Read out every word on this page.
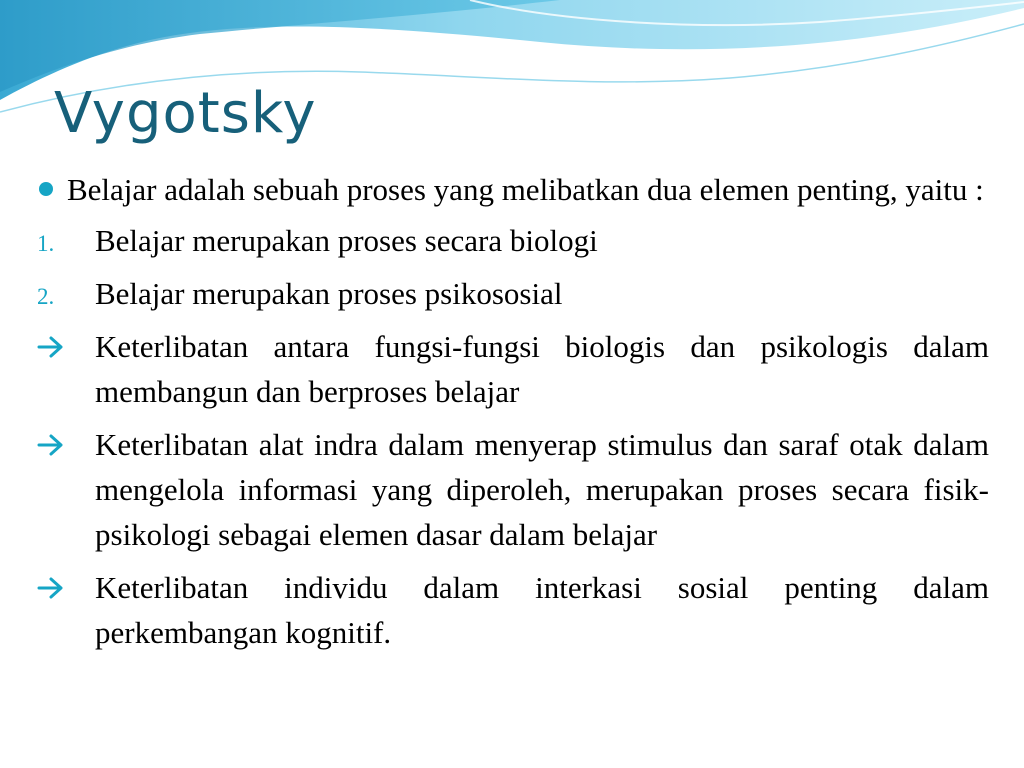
Vygotsky
Belajar adalah sebuah proses yang melibatkan dua elemen penting, yaitu :
1. Belajar merupakan proses secara biologi
2. Belajar merupakan proses psikososial
Keterlibatan antara fungsi-fungsi biologis dan psikologis dalam membangun dan berproses belajar
Keterlibatan alat indra dalam menyerap stimulus dan saraf otak dalam mengelola informasi yang diperoleh, merupakan proses secara fisik-psikologi sebagai elemen dasar dalam belajar
Keterlibatan individu dalam interkasi sosial penting dalam perkembangan kognitif.
